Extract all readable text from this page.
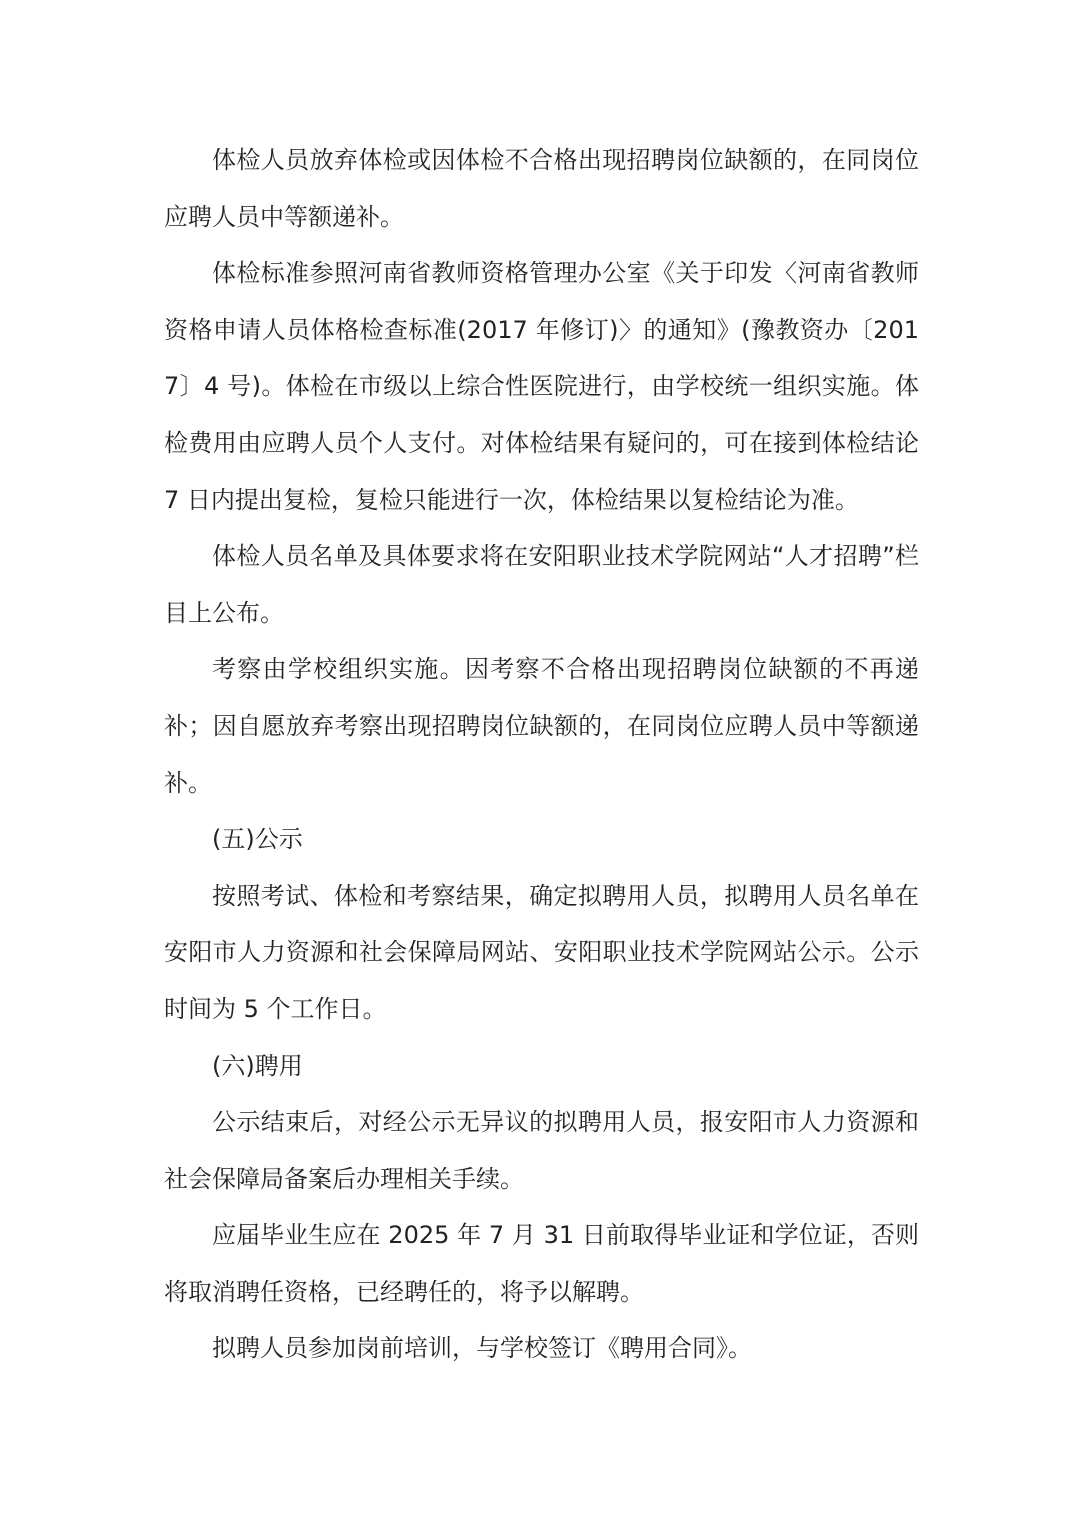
体检人员放弃体检或因体检不合格出现招聘岗位缺额的，在同岗位应聘人员中等额递补。

体检标准参照河南省教师资格管理办公室《关于印发〈河南省教师资格申请人员体格检查标准(2017 年修订)〉的通知》(豫教资办〔2017〕4 号)。体检在市级以上综合性医院进行，由学校统一组织实施。体检费用由应聘人员个人支付。对体检结果有疑问的，可在接到体检结论 7 日内提出复检，复检只能进行一次，体检结果以复检结论为准。

体检人员名单及具体要求将在安阳职业技术学院网站“人才招聘”栏目上公布。

考察由学校组织实施。因考察不合格出现招聘岗位缺额的不再递补；因自愿放弃考察出现招聘岗位缺额的，在同岗位应聘人员中等额递补。

(五)公示

按照考试、体检和考察结果，确定拟聘用人员，拟聘用人员名单在安阳市人力资源和社会保障局网站、安阳职业技术学院网站公示。公示时间为 5 个工作日。

(六)聘用

公示结束后，对经公示无异议的拟聘用人员，报安阳市人力资源和社会保障局备案后办理相关手续。

应届毕业生应在 2025 年 7 月 31 日前取得毕业证和学位证，否则将取消聘任资格，已经聘任的，将予以解聘。

拟聘人员参加岗前培训，与学校签订《聘用合同》。
